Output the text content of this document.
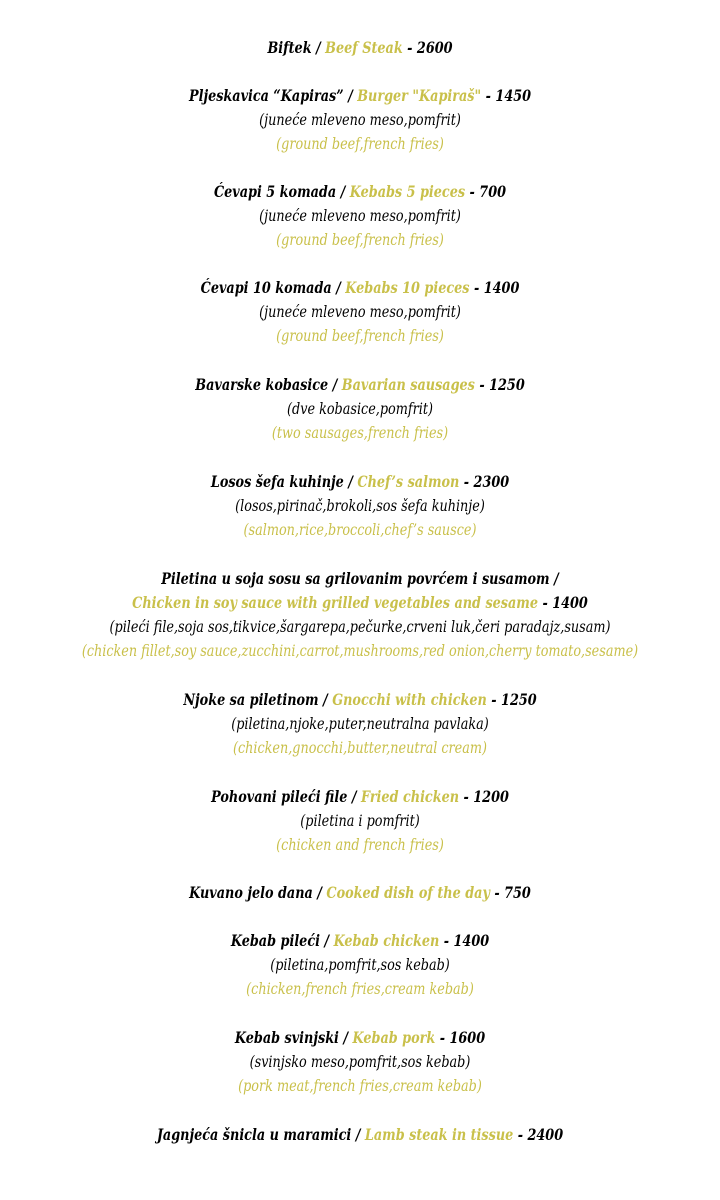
Biftek / Beef Steak - 2600
Pljeskavica “Kapiras” / Burger "Kapiraš" - 1450
(juneće mleveno meso,pomfrit)
(ground beef,french fries)
Ćevapi 5 komada / Kebabs 5 pieces - 700
(juneće mleveno meso,pomfrit)
(ground beef,french fries)
Ćevapi 10 komada / Kebabs 10 pieces - 1400
(juneće mleveno meso,pomfrit)
(ground beef,french fries)
Bavarske kobasice / Bavarian sausages - 1250
(dve kobasice,pomfrit)
(two sausages,french fries)
Losos šefa kuhinje / Chef’s salmon - 2300
(losos,pirinač,brokoli,sos šefa kuhinje)
(salmon,rice,broccoli,chef’s sausce)
Piletina u soja sosu sa grilovanim povrćem i susamom /
Chicken in soy sauce with grilled vegetables and sesame - 1400
(pileći file,soja sos,tikvice,šargarepa,pečurke,crveni luk,čeri paradajz,susam)
(chicken fillet,soy sauce,zucchini,carrot,mushrooms,red onion,cherry tomato,sesame)
Njoke sa piletinom / Gnocchi with chicken - 1250
(piletina,njoke,puter,neutralna pavlaka)
(chicken,gnocchi,butter,neutral cream)
Pohovani pileći file / Fried chicken - 1200
(piletina i pomfrit)
(chicken and french fries)
Kuvano jelo dana / Cooked dish of the day - 750
Kebab pileći / Kebab chicken - 1400
(piletina,pomfrit,sos kebab)
(chicken,french fries,cream kebab)
Kebab svinjski / Kebab pork - 1600
(svinjsko meso,pomfrit,sos kebab)
(pork meat,french fries,cream kebab)
Jagnjeća šnicla u maramici / Lamb steak in tissue - 2400
